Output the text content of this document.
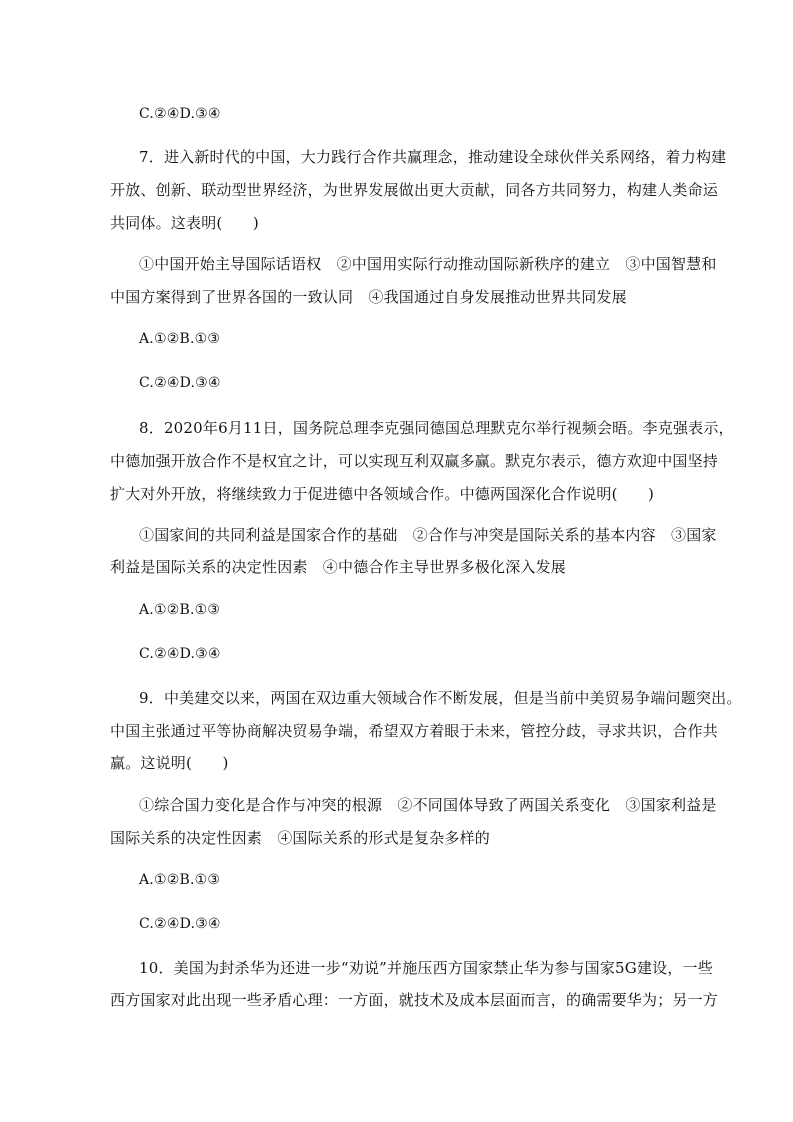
C.②④D.③④
7．进入新时代的中国，大力践行合作共赢理念，推动建设全球伙伴关系网络，着力构建
开放、创新、联动型世界经济，为世界发展做出更大贡献，同各方共同努力，构建人类命运
共同体。这表明(　　)
①中国开始主导国际话语权　②中国用实际行动推动国际新秩序的建立　③中国智慧和
中国方案得到了世界各国的一致认同　④我国通过自身发展推动世界共同发展
A.①②B.①③
C.②④D.③④
8．2020年6月11日，国务院总理李克强同德国总理默克尔举行视频会晤。李克强表示，
中德加强开放合作不是权宜之计，可以实现互利双赢多赢。默克尔表示，德方欢迎中国坚持
扩大对外开放，将继续致力于促进德中各领域合作。中德两国深化合作说明(　　)
①国家间的共同利益是国家合作的基础　②合作与冲突是国际关系的基本内容　③国家
利益是国际关系的决定性因素　④中德合作主导世界多极化深入发展
A.①②B.①③
C.②④D.③④
9．中美建交以来，两国在双边重大领域合作不断发展，但是当前中美贸易争端问题突出。
中国主张通过平等协商解决贸易争端，希望双方着眼于未来，管控分歧，寻求共识，合作共
赢。这说明(　　)
①综合国力变化是合作与冲突的根源　②不同国体导致了两国关系变化　③国家利益是
国际关系的决定性因素　④国际关系的形式是复杂多样的
A.①②B.①③
C.②④D.③④
10．美国为封杀华为还进一步“劝说”并施压西方国家禁止华为参与国家5G建设，一些
西方国家对此出现一些矛盾心理：一方面，就技术及成本层面而言，的确需要华为；另一方
